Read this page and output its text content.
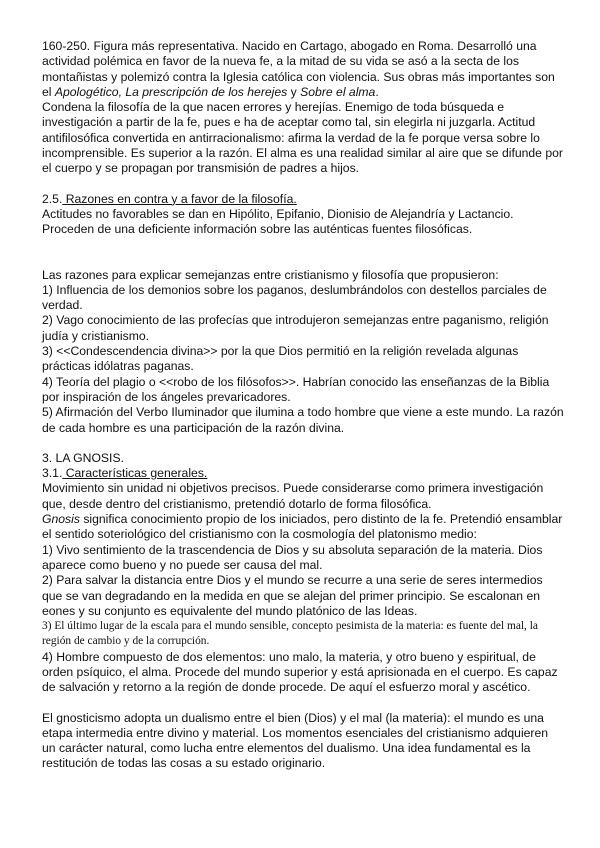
160-250. Figura más representativa. Nacido en Cartago, abogado en Roma. Desarrolló una actividad polémica en favor de la nueva fe, a la mitad de su vida se asó a la secta de los montañistas y polemizó contra la Iglesia católica con violencia. Sus obras más importantes son el Apologético, La prescripción de los herejes y Sobre el alma.

Condena la filosofía de la que nacen errores y herejías. Enemigo de toda búsqueda e investigación a partir de la fe, pues e ha de aceptar como tal, sin elegirla ni juzgarla. Actitud antifilosófica convertida en antirracionalismo: afirma la verdad de la fe porque versa sobre lo incomprensible. Es superior a la razón. El alma es una realidad similar al aire que se difunde por el cuerpo y se propagan por transmisión de padres a hijos.

2.5. Razones en contra y a favor de la filosofía.

Actitudes no favorables se dan en Hipólito, Epifanio, Dionisio de Alejandría y Lactancio. Proceden de una deficiente información sobre las auténticas fuentes filosóficas.

Las razones para explicar semejanzas entre cristianismo y filosofía que propusieron:

1) Influencia de los demonios sobre los paganos, deslumbrándolos con destellos parciales de verdad.

2) Vago conocimiento de las profecías que introdujeron semejanzas entre paganismo, religión judía y cristianismo.

3) <<Condescendencia divina>> por la que Dios permitió en la religión revelada algunas prácticas idólatras paganas.

4) Teoría del plagio o <<robo de los filósofos>>. Habrían conocido las enseñanzas de la Biblia por inspiración de los ángeles prevaricadores.

5) Afirmación del Verbo Iluminador que ilumina a todo hombre que viene a este mundo. La razón de cada hombre es una participación de la razón divina.

3. LA GNOSIS.

3.1. Características generales.

Movimiento sin unidad ni objetivos precisos. Puede considerarse como primera investigación que, desde dentro del cristianismo, pretendió dotarlo de forma filosófica.

Gnosis significa conocimiento propio de los iniciados, pero distinto de la fe. Pretendió ensamblar el sentido soteriológico del cristianismo con la cosmología del platonismo medio:

1) Vivo sentimiento de la trascendencia de Dios y su absoluta separación de la materia. Dios aparece como bueno y no puede ser causa del mal.

2) Para salvar la distancia entre Dios y el mundo se recurre a una serie de seres intermedios que se van degradando en la medida en que se alejan del primer principio. Se escalonan en eones y su conjunto es equivalente del mundo platónico de las Ideas.

3) El último lugar de la escala para el mundo sensible, concepto pesimista de la materia: es fuente del mal, la región de cambio y de la corrupción.

4) Hombre compuesto de dos elementos: uno malo, la materia, y otro bueno y espiritual, de orden psíquico, el alma. Procede del mundo superior y está aprisionada en el cuerpo. Es capaz de salvación y retorno a la región de donde procede. De aquí el esfuerzo moral y ascético.

El gnosticismo adopta un dualismo entre el bien (Dios) y el mal (la materia): el mundo es una etapa intermedia entre divino y material. Los momentos esenciales del cristianismo adquieren un carácter natural, como lucha entre elementos del dualismo. Una idea fundamental es la restitución de todas las cosas a su estado originario.
